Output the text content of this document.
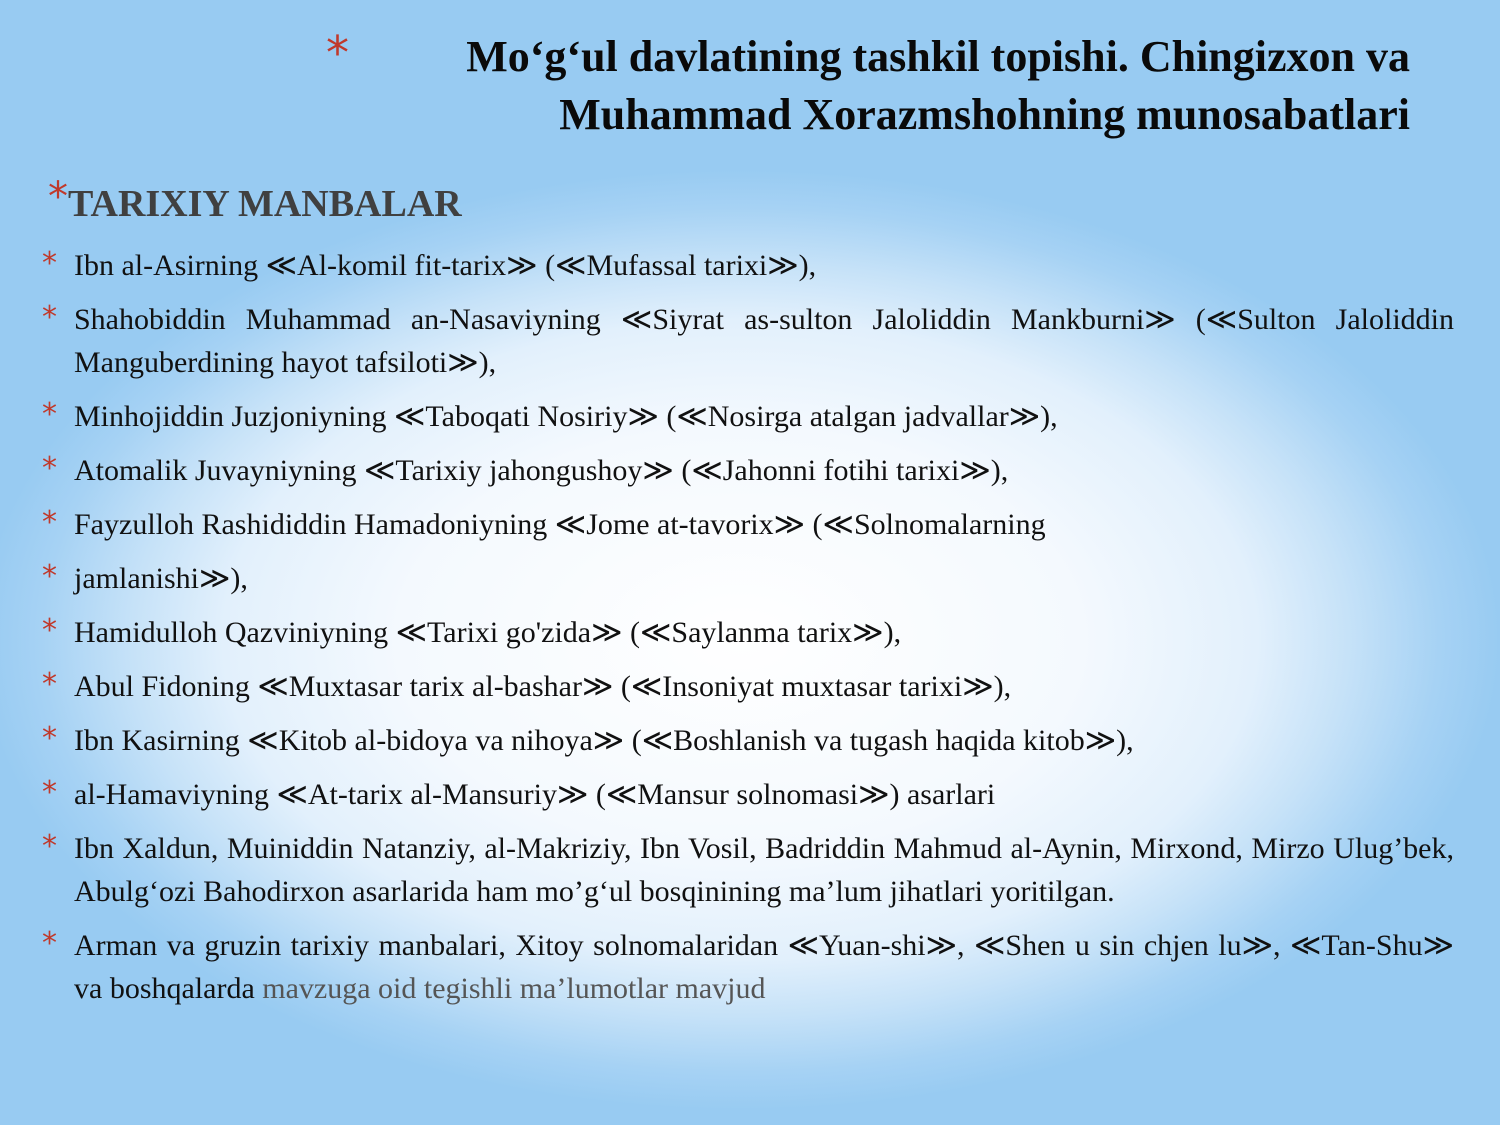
*	Mo‘g‘ul davlatining tashkil topishi. Chingizxon va
Muhammad Xorazmshohning munosabatlari
*TARIXIY MANBALAR
* Ibn al-Asirning ≪Al-komil fit-tarix≫ (≪Mufassal tarixi≫),
* Shahobiddin Muhammad an-Nasaviyning ≪Siyrat as-sulton Jaloliddin Mankburni≫ (≪Sulton Jaloliddin Manguberdining hayot tafsiloti≫),
* Minhojiddin Juzjoniyning ≪Taboqati Nosiriy≫ (≪Nosirga atalgan jadvallar≫),
* Atomalik Juvayniyning ≪Tarixiy jahongushoy≫ (≪Jahonni fotihi tarixi≫),
* Fayzulloh Rashididdin Hamadoniyning ≪Jome at-tavorix≫ (≪Solnomalarning
* jamlanishi≫),
* Hamidulloh Qazviniyning ≪Tarixi go'zida≫ (≪Saylanma tarix≫),
* Abul Fidoning ≪Muxtasar tarix al-bashar≫ (≪Insoniyat muxtasar tarixi≫),
* Ibn Kasirning ≪Kitob al-bidoya va nihoya≫ (≪Boshlanish va tugash haqida kitob≫),
* al-Hamaviyning ≪At-tarix al-Mansuriy≫ (≪Mansur solnomasi≫) asarlari
* Ibn Xaldun, Muiniddin Natanziy, al-Makriziy, Ibn Vosil, Badriddin Mahmud al-Aynin, Mirxond, Mirzo Ulug’bek, Abulg‘ozi Bahodirxon asarlarida ham mo’g‘ul bosqinining ma’lum jihatlari yoritilgan.
* Arman va gruzin tarixiy manbalari, Xitoy solnomalaridan ≪Yuan-shi≫, ≪Shen u sin chjen lu≫, ≪Tan-Shu≫ va boshqalarda mavzuga oid tegishli ma’lumotlar mavjud
